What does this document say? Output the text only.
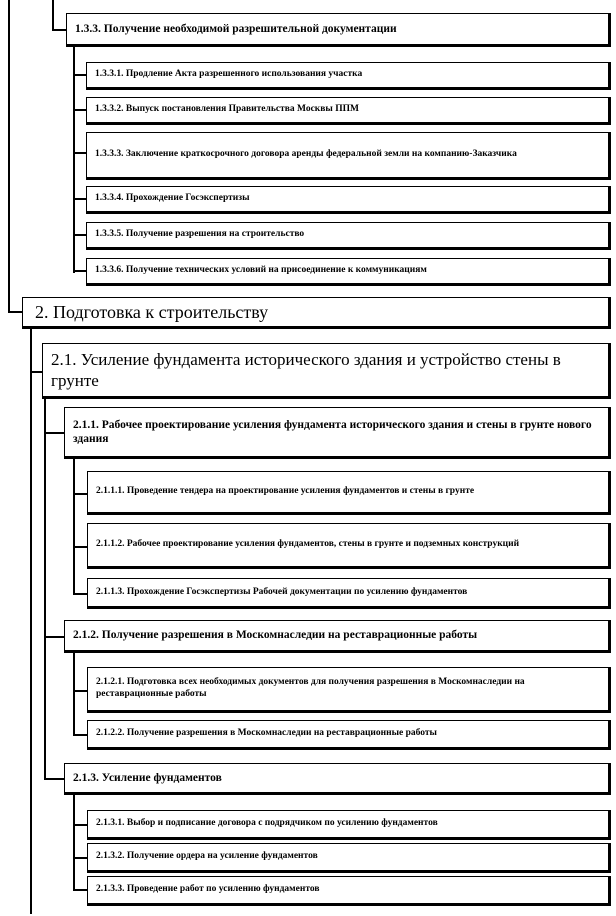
1.3.3. Получение необходимой разрешительной документации
1.3.3.1. Продление Акта разрешенного использования участка
1.3.3.2. Выпуск постановления Правительства Москвы ППМ
1.3.3.3. Заключение краткосрочного договора аренды федеральной земли на компанию-Заказчика
1.3.3.4. Прохождение Госэкспертизы
1.3.3.5. Получение разрешения на строительство
1.3.3.6. Получение технических условий на присоединение к коммуникациям
2. Подготовка к строительству
2.1. Усиление фундамента исторического здания и устройство стены в грунте
2.1.1. Рабочее проектирование усиления фундамента исторического здания и стены в грунте нового здания
2.1.1.1. Проведение тендера на проектирование усиления фундаментов и стены в грунте
2.1.1.2. Рабочее проектирование усиления фундаментов, стены в грунте и подземных конструкций
2.1.1.3. Прохождение Госэкспертизы Рабочей документации по усилению фундаментов
2.1.2. Получение разрешения в Москомнаследии на реставрационные работы
2.1.2.1. Подготовка всех необходимых документов для получения разрешения в Москомнаследии на реставрационные работы
2.1.2.2. Получение разрешения в Москомнаследии на реставрационные работы
2.1.3. Усиление фундаментов
2.1.3.1. Выбор и подписание договора с подрядчиком по усилению фундаментов
2.1.3.2. Получение ордера на усиление фундаментов
2.1.3.3. Проведение работ по усилению фундаментов
